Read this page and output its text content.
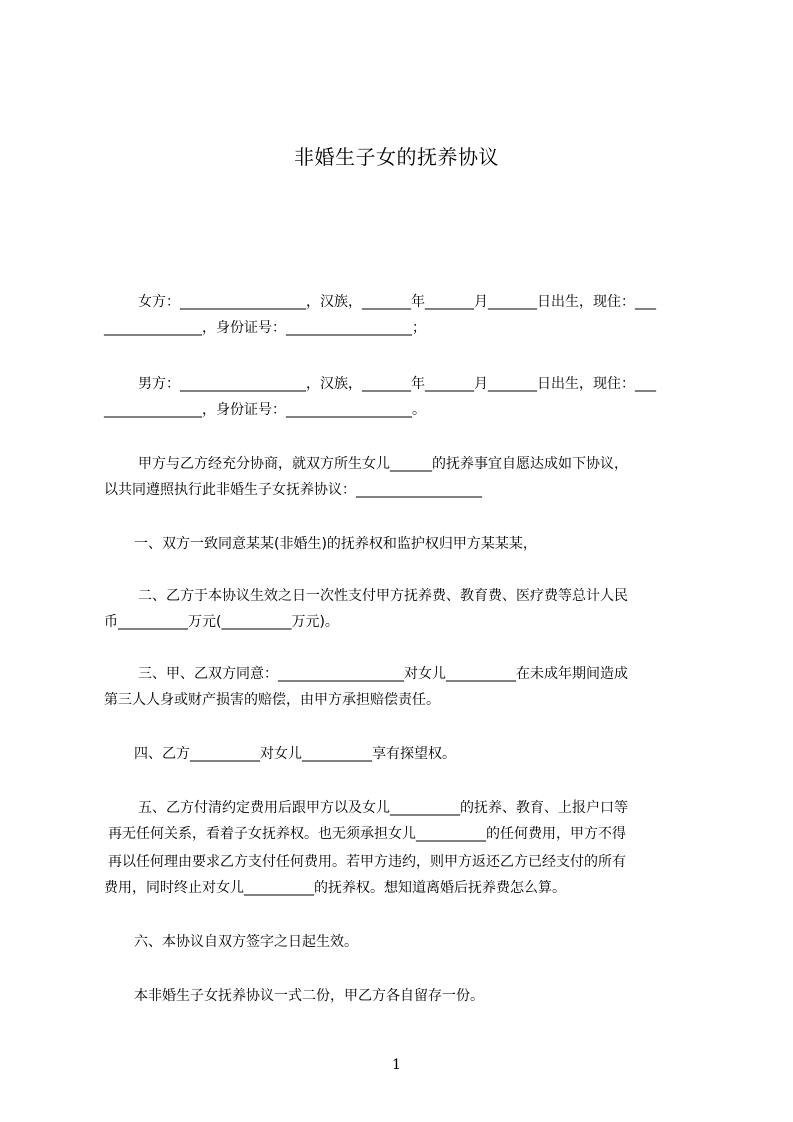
非婚生子女的抚养协议
女方：__________________，汉族，_______年_______月_______日出生，现住：___
______________，身份证号：__________________；
男方：__________________，汉族，_______年_______月_______日出生，现住：___
______________，身份证号：__________________。
甲方与乙方经充分协商，就双方所生女儿______的抚养事宜自愿达成如下协议，
以共同遵照执行此非婚生子女抚养协议：__________________
一、双方一致同意某某(非婚生)的抚养权和监护权归甲方某某某，
二、乙方于本协议生效之日一次性支付甲方抚养费、教育费、医疗费等总计人民
币__________万元(__________万元)。
三、甲、乙双方同意：__________________对女儿__________在未成年期间造成
第三人人身或财产损害的赔偿，由甲方承担赔偿责任。
四、乙方__________对女儿__________享有探望权。
五、乙方付清约定费用后跟甲方以及女儿__________的抚养、教育、上报户口等
再无任何关系，看着子女抚养权。也无须承担女儿__________的任何费用，甲方不得
再以任何理由要求乙方支付任何费用。若甲方违约，则甲方返还乙方已经支付的所有
费用，同时终止对女儿__________的抚养权。想知道离婚后抚养费怎么算。
六、本协议自双方签字之日起生效。
本非婚生子女抚养协议一式二份，甲乙方各自留存一份。
1
